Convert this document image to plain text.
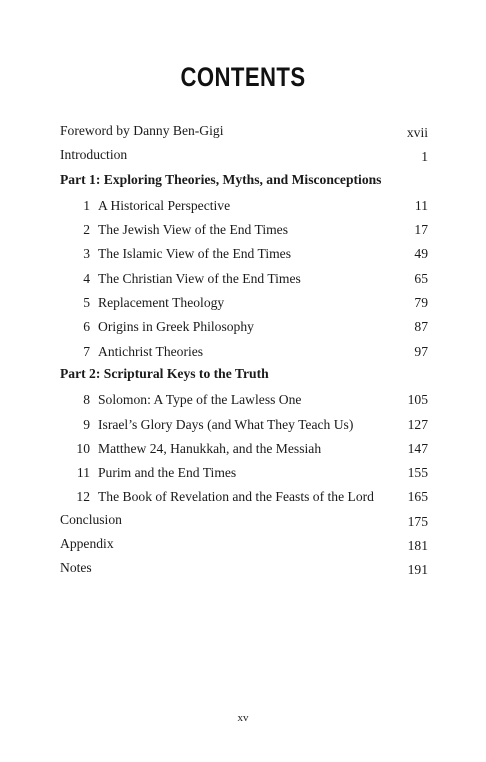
CONTENTS
Foreword by Danny Ben-Gigi	xvii
Introduction	1
Part 1: Exploring Theories, Myths, and Misconceptions
1 A Historical Perspective	11
2 The Jewish View of the End Times	17
3 The Islamic View of the End Times	49
4 The Christian View of the End Times	65
5 Replacement Theology	79
6 Origins in Greek Philosophy	87
7 Antichrist Theories	97
Part 2: Scriptural Keys to the Truth
8 Solomon: A Type of the Lawless One	105
9 Israel’s Glory Days (and What They Teach Us)	127
10 Matthew 24, Hanukkah, and the Messiah	147
11 Purim and the End Times	155
12 The Book of Revelation and the Feasts of the Lord 165
Conclusion	175
Appendix	181
Notes	191
xv
